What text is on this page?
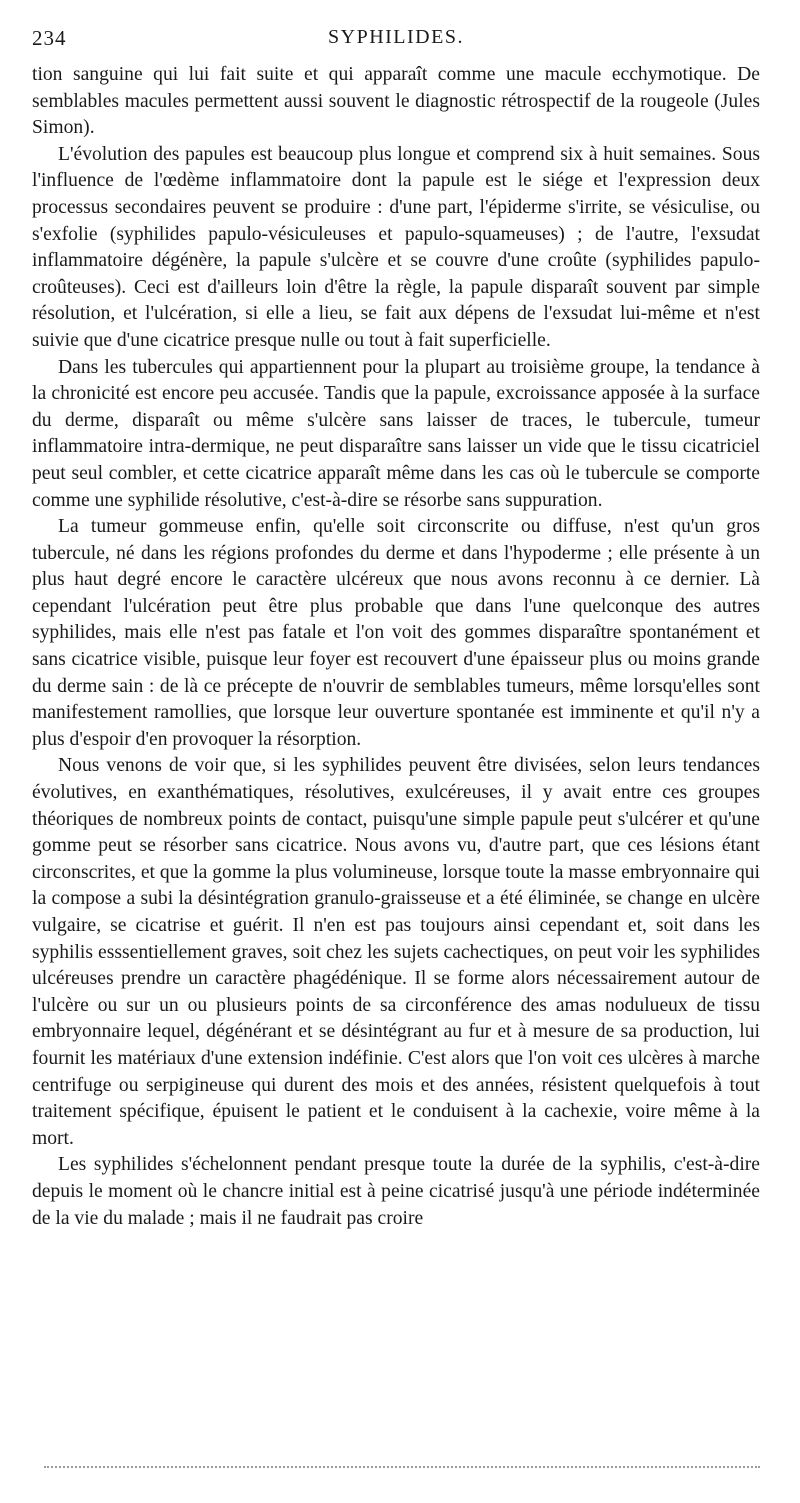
234	SYPHILIDES.

tion sanguine qui lui fait suite et qui apparaît comme une macule ecchymotique. De semblables macules permettent aussi souvent le diagnostic rétrospectif de la rougeole (Jules Simon).

L'évolution des papules est beaucoup plus longue et comprend six à huit semaines. Sous l'influence de l'œdème inflammatoire dont la papule est le siége et l'expression deux processus secondaires peuvent se produire : d'une part, l'épiderme s'irrite, se vésiculise, ou s'exfolie (syphilides papulo-vésiculeuses et papulo-squameuses) ; de l'autre, l'exsudat inflammatoire dégénère, la papule s'ulcère et se couvre d'une croûte (syphilides papulo-croûteuses). Ceci est d'ailleurs loin d'être la règle, la papule disparaît souvent par simple résolution, et l'ulcération, si elle a lieu, se fait aux dépens de l'exsudat lui-même et n'est suivie que d'une cicatrice presque nulle ou tout à fait superficielle.

Dans les tubercules qui appartiennent pour la plupart au troisième groupe, la tendance à la chronicité est encore peu accusée. Tandis que la papule, excroissance apposée à la surface du derme, disparaît ou même s'ulcère sans laisser de traces, le tubercule, tumeur inflammatoire intra-dermique, ne peut disparaître sans laisser un vide que le tissu cicatriciel peut seul combler, et cette cicatrice apparaît même dans les cas où le tubercule se comporte comme une syphilide résolutive, c'est-à-dire se résorbe sans suppuration.

La tumeur gommeuse enfin, qu'elle soit circonscrite ou diffuse, n'est qu'un gros tubercule, né dans les régions profondes du derme et dans l'hypoderme ; elle présente à un plus haut degré encore le caractère ulcéreux que nous avons reconnu à ce dernier. Là cependant l'ulcération peut être plus probable que dans l'une quelconque des autres syphilides, mais elle n'est pas fatale et l'on voit des gommes disparaître spontanément et sans cicatrice visible, puisque leur foyer est recouvert d'une épaisseur plus ou moins grande du derme sain : de là ce précepte de n'ouvrir de semblables tumeurs, même lorsqu'elles sont manifestement ramollies, que lorsque leur ouverture spontanée est imminente et qu'il n'y a plus d'espoir d'en provoquer la résorption.

Nous venons de voir que, si les syphilides peuvent être divisées, selon leurs tendances évolutives, en exanthématiques, résolutives, exulcéreuses, il y avait entre ces groupes théoriques de nombreux points de contact, puisqu'une simple papule peut s'ulcérer et qu'une gomme peut se résorber sans cicatrice. Nous avons vu, d'autre part, que ces lésions étant circonscrites, et que la gomme la plus volumineuse, lorsque toute la masse embryonnaire qui la compose a subi la désintégration granulo-graisseuse et a été éliminée, se change en ulcère vulgaire, se cicatrise et guérit. Il n'en est pas toujours ainsi cependant et, soit dans les syphilis esssentiellement graves, soit chez les sujets cachectiques, on peut voir les syphilides ulcéreuses prendre un caractère phagédénique. Il se forme alors nécessairement autour de l'ulcère ou sur un ou plusieurs points de sa circonférence des amas nodulueux de tissu embryonnaire lequel, dégénérant et se désintégrant au fur et à mesure de sa production, lui fournit les matériaux d'une extension indéfinie. C'est alors que l'on voit ces ulcères à marche centrifuge ou serpigineuse qui durent des mois et des années, résistent quelquefois à tout traitement spécifique, épuisent le patient et le conduisent à la cachexie, voire même à la mort.

Les syphilides s'échelonnent pendant presque toute la durée de la syphilis, c'est-à-dire depuis le moment où le chancre initial est à peine cicatrisé jusqu'à une période indéterminée de la vie du malade ; mais il ne faudrait pas croire
